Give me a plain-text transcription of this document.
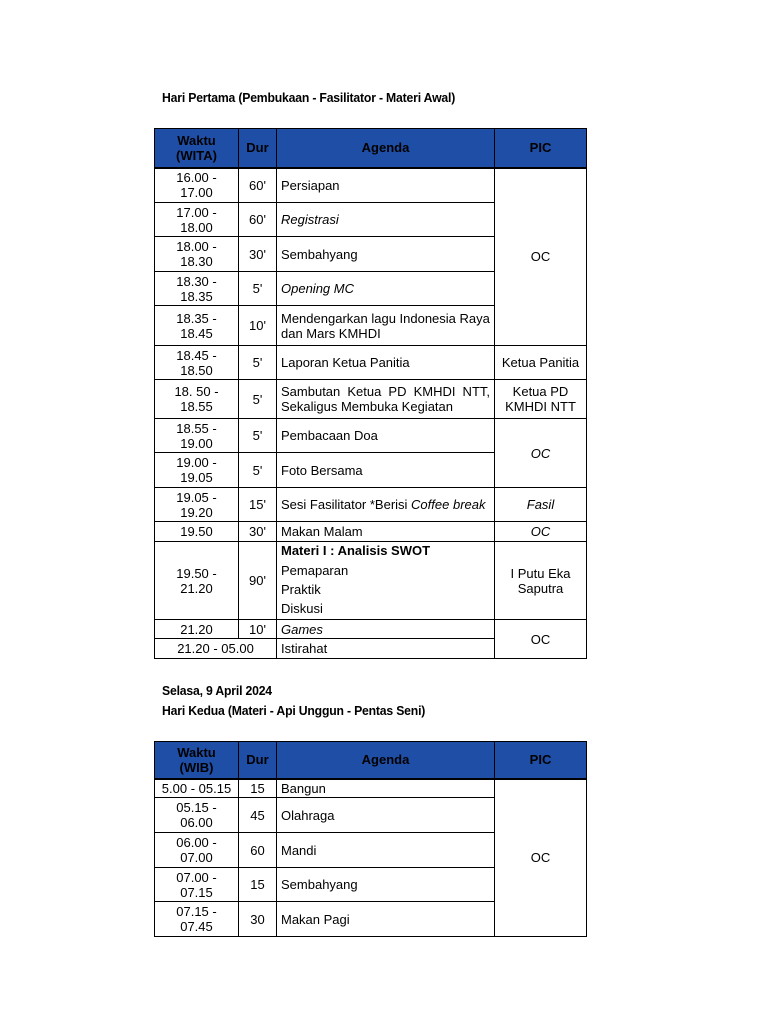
Hari Pertama (Pembukaan - Fasilitator - Materi Awal)

Waktu (WITA)	Dur	Agenda	PIC
16.00 - 17.00	60'	Persiapan	OC
17.00 - 18.00	60'	Registrasi	
18.00 - 18.30	30'	Sembahyang	
18.30 - 18.35	5'	Opening MC	
18.35 - 18.45	10'	Mendengarkan lagu Indonesia Raya dan Mars KMHDI	
18.45 - 18.50	5'	Laporan Ketua Panitia	Ketua Panitia
18. 50 - 18.55	5'	Sambutan Ketua PD KMHDI NTT,
Sekaligus Membuka Kegiatan	Ketua PD KMHDI NTT
18.55 - 19.00	5'	Pembacaan Doa	OC
19.00 - 19.05	5'	Foto Bersama	
19.05 - 19.20	15'	Sesi Fasilitator *Berisi Coffee break	Fasil
19.50	30'	Makan Malam	OC
19.50 - 21.20	90'	Materi I : Analisis SWOT
Pemaparan
Praktik
Diskusi	I Putu Eka Saputra
21.20	10'	Games	OC
21.20 - 05.00		Istirahat	

Selasa, 9 April 2024

Hari Kedua (Materi - Api Unggun - Pentas Seni)

Waktu (WIB)	Dur	Agenda	PIC
5.00 - 05.15	15	Bangun	OC
05.15 - 06.00	45	Olahraga	
06.00 - 07.00	60	Mandi	
07.00 - 07.15	15	Sembahyang	
07.15 - 07.45	30	Makan Pagi	
